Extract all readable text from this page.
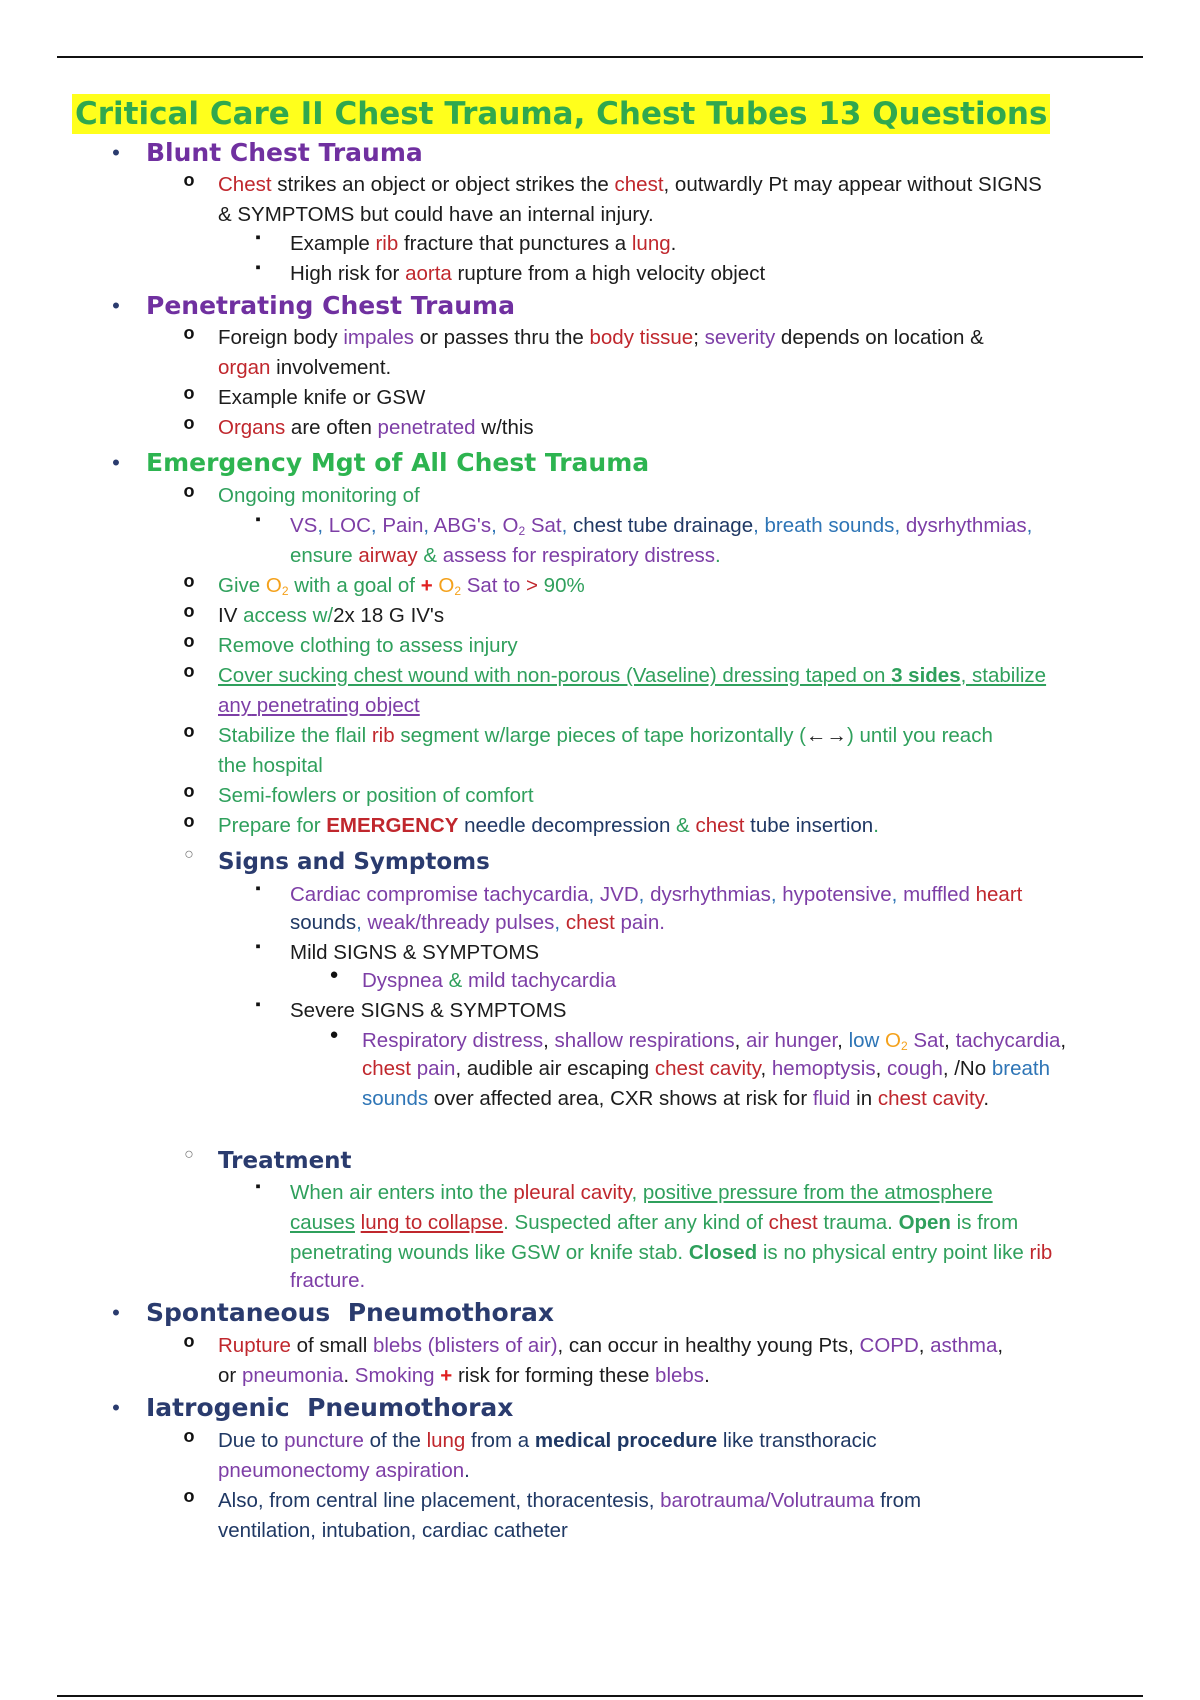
Critical Care II Chest Trauma, Chest Tubes 13 Questions
• Blunt Chest Trauma
o Chest strikes an object or object strikes the chest, outwardly Pt may appear without SIGNS
& SYMPTOMS but could have an internal injury.
▪ Example rib fracture that punctures a lung.
▪ High risk for aorta rupture from a high velocity object
• Penetrating Chest Trauma
o Foreign body impales or passes thru the body tissue; severity depends on location &
organ involvement.
o Example knife or GSW
o Organs are often penetrated w/this
• Emergency Mgt of All Chest Trauma
o Ongoing monitoring of
▪ VS, LOC, Pain, ABG's, $O_2$ Sat, chest tube drainage, breath sounds, dysrhythmias,
ensure airway & assess for respiratory distress.
o Give $O_2$ with a goal of + $O_2$ Sat to > 90%
o IV access w/2x 18 G IV's
o Remove clothing to assess injury
o Cover sucking chest wound with non-porous (Vaseline) dressing taped on 3 sides, stabilize
any penetrating object
o Stabilize the flail rib segment w/large pieces of tape horizontally (←→) until you reach
the hospital
o Semi-fowlers or position of comfort
o Prepare for EMERGENCY needle decompression & chest tube insertion.
○ Signs and Symptoms
▪ Cardiac compromise tachycardia, JVD, dysrhythmias, hypotensive, muffled heart
sounds, weak/thready pulses, chest pain.
▪ Mild SIGNS & SYMPTOMS
● Dyspnea & mild tachycardia
▪ Severe SIGNS & SYMPTOMS
● Respiratory distress, shallow respirations, air hunger, low $O_2$ Sat, tachycardia,
chest pain, audible air escaping chest cavity, hemoptysis, cough, /No breath
sounds over affected area, CXR shows at risk for fluid in chest cavity.
○ Treatment
▪ When air enters into the pleural cavity, positive pressure from the atmosphere
causes lung to collapse. Suspected after any kind of chest trauma. Open is from
penetrating wounds like GSW or knife stab. Closed is no physical entry point like rib
fracture.
• Spontaneous  Pneumothorax
o Rupture of small blebs (blisters of air), can occur in healthy young Pts, COPD, asthma,
or pneumonia. Smoking + risk for forming these blebs.
• Iatrogenic  Pneumothorax
o Due to puncture of the lung from a medical procedure like transthoracic
pneumonectomy aspiration.
o Also, from central line placement, thoracentesis, barotrauma/Volutrauma from
ventilation, intubation, cardiac catheter
